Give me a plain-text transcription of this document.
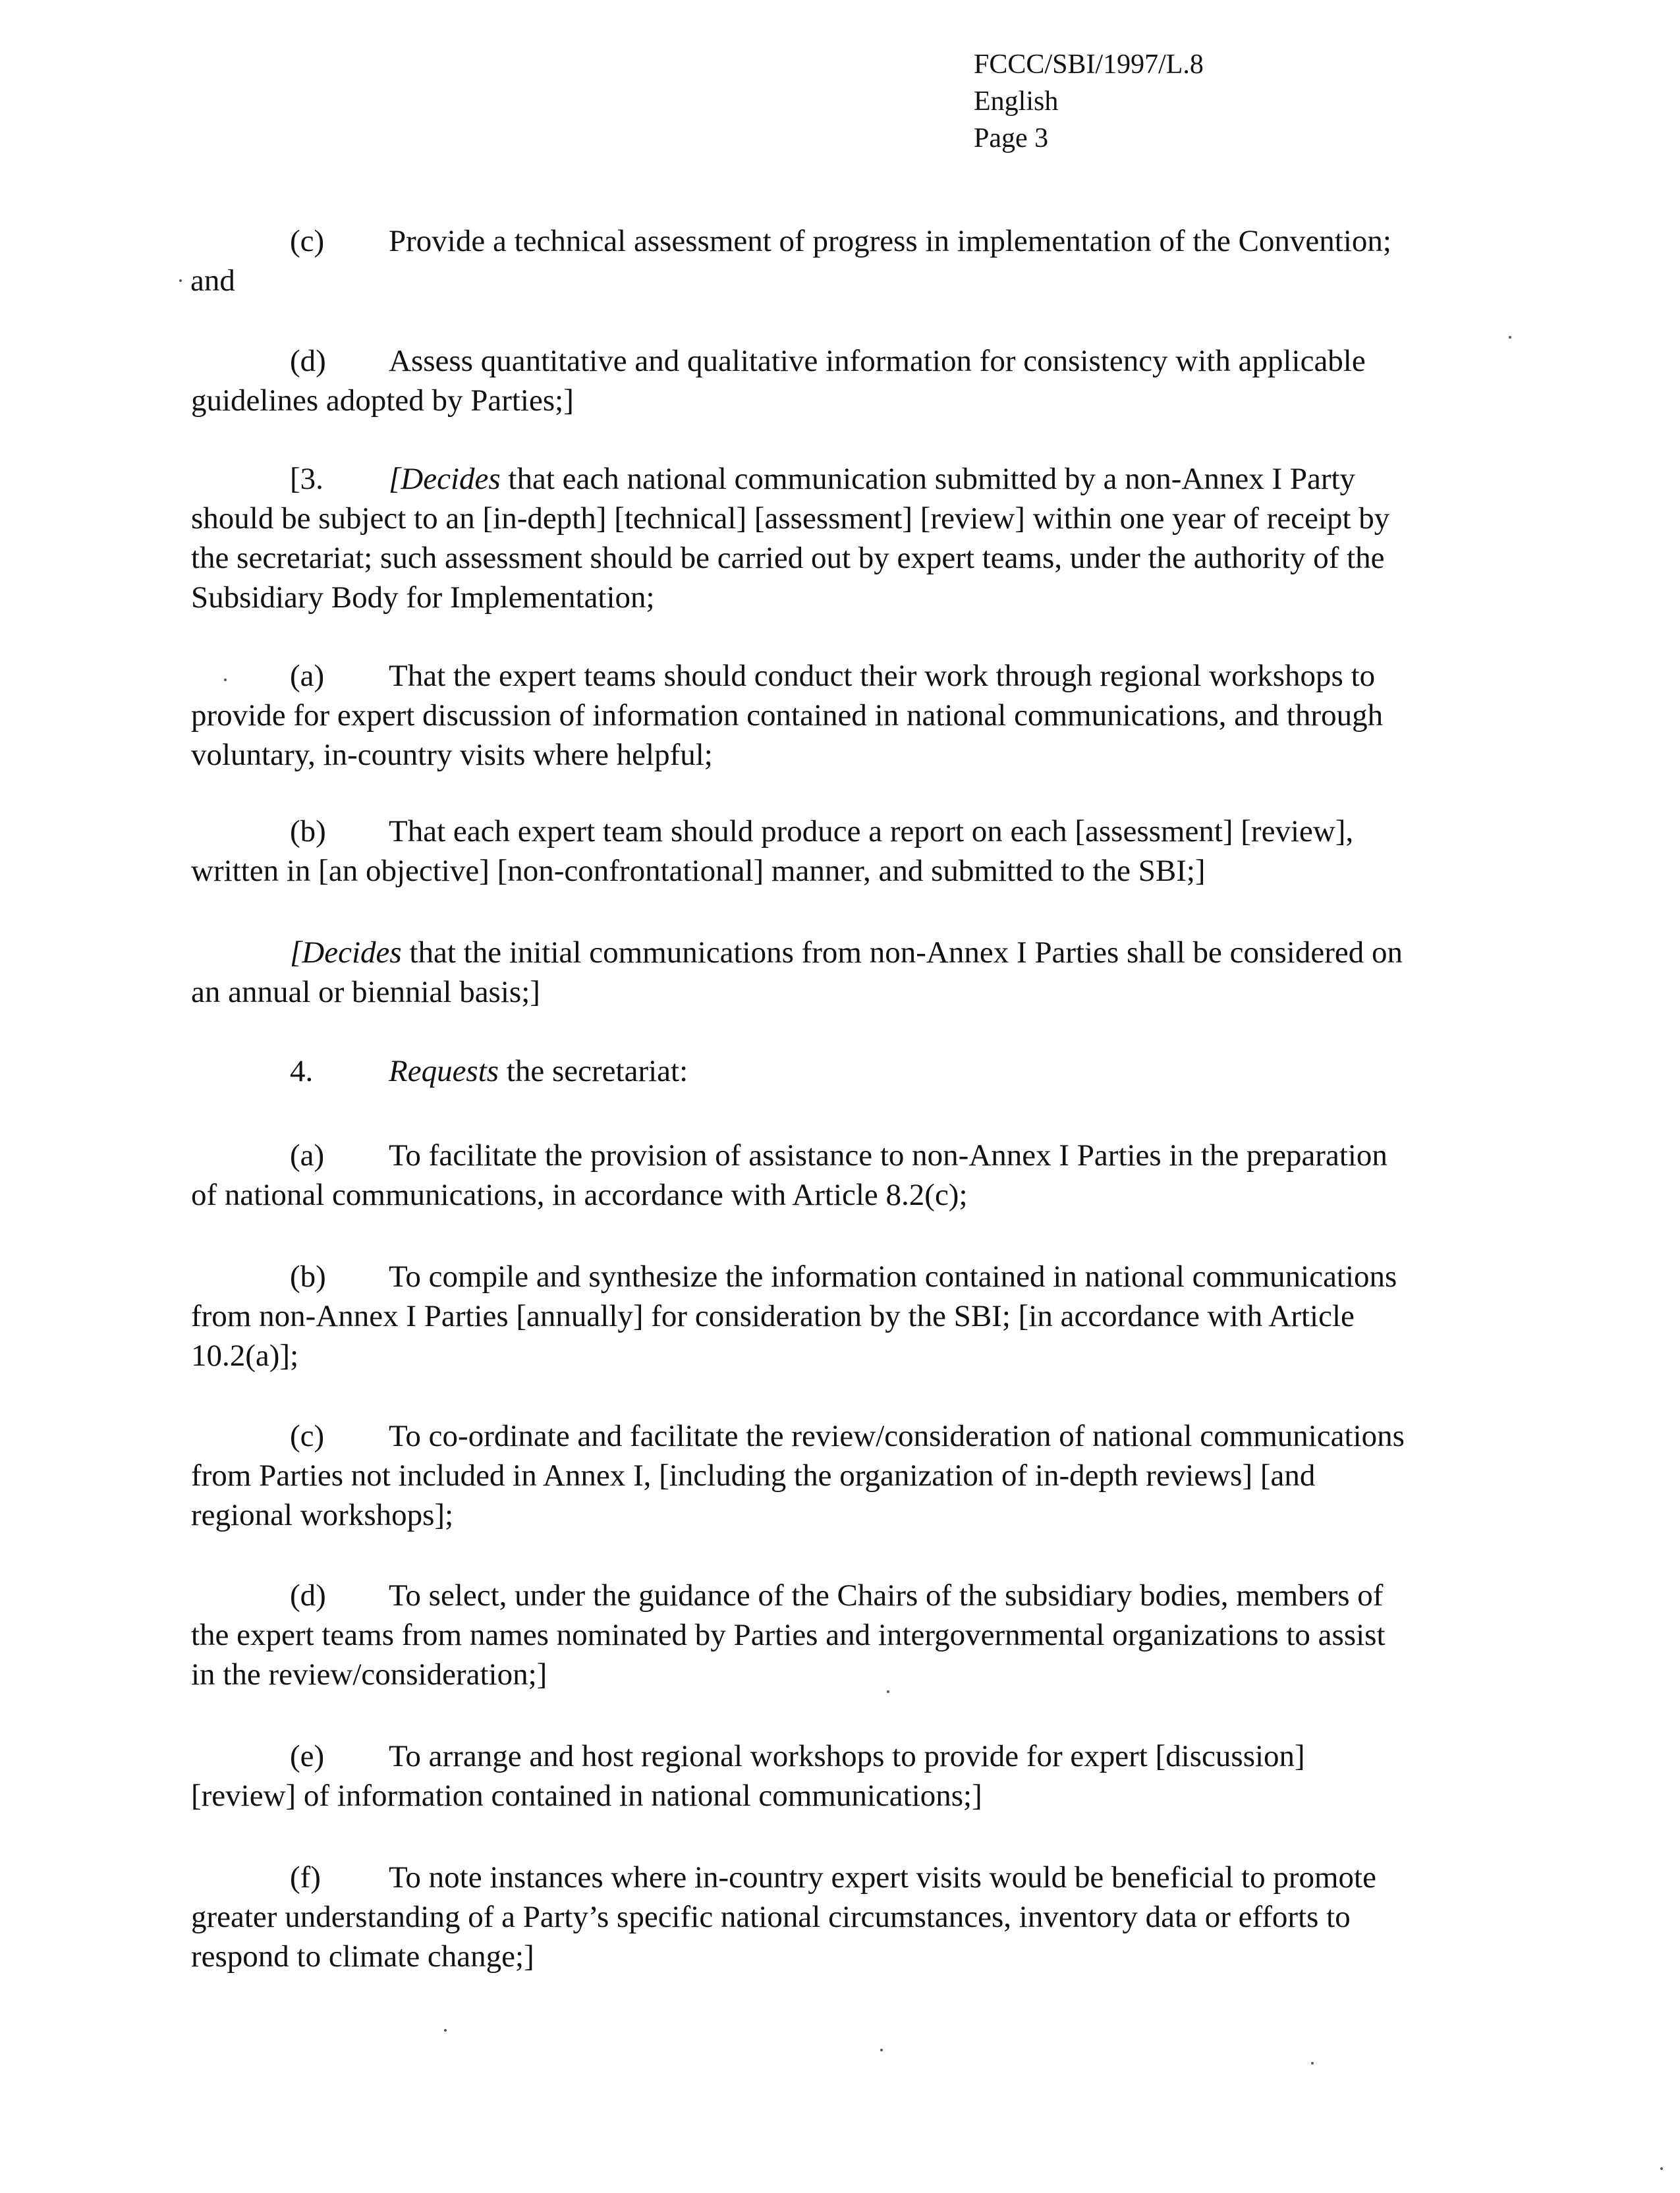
FCCC/SBI/1997/L.8
English
Page 3
(c) Provide a technical assessment of progress in implementation of the Convention;
and
(d) Assess quantitative and qualitative information for consistency with applicable
guidelines adopted by Parties;]
[3. [Decides that each national communication submitted by a non-Annex I Party
should be subject to an [in-depth] [technical] [assessment] [review] within one year of receipt by
the secretariat; such assessment should be carried out by expert teams, under the authority of the
Subsidiary Body for Implementation;
(a) That the expert teams should conduct their work through regional workshops to
provide for expert discussion of information contained in national communications, and through
voluntary, in-country visits where helpful;
(b) That each expert team should produce a report on each [assessment] [review],
written in [an objective] [non-confrontational] manner, and submitted to the SBI;]
[Decides that the initial communications from non-Annex I Parties shall be considered on
an annual or biennial basis;]
4. Requests the secretariat:
(a) To facilitate the provision of assistance to non-Annex I Parties in the preparation
of national communications, in accordance with Article 8.2(c);
(b) To compile and synthesize the information contained in national communications
from non-Annex I Parties [annually] for consideration by the SBI; [in accordance with Article
10.2(a)];
(c) To co-ordinate and facilitate the review/consideration of national communications
from Parties not included in Annex I, [including the organization of in-depth reviews] [and
regional workshops];
(d) To select, under the guidance of the Chairs of the subsidiary bodies, members of
the expert teams from names nominated by Parties and intergovernmental organizations to assist
in the review/consideration;]
(e) To arrange and host regional workshops to provide for expert [discussion]
[review] of information contained in national communications;]
(f) To note instances where in-country expert visits would be beneficial to promote
greater understanding of a Party’s specific national circumstances, inventory data or efforts to
respond to climate change;]
